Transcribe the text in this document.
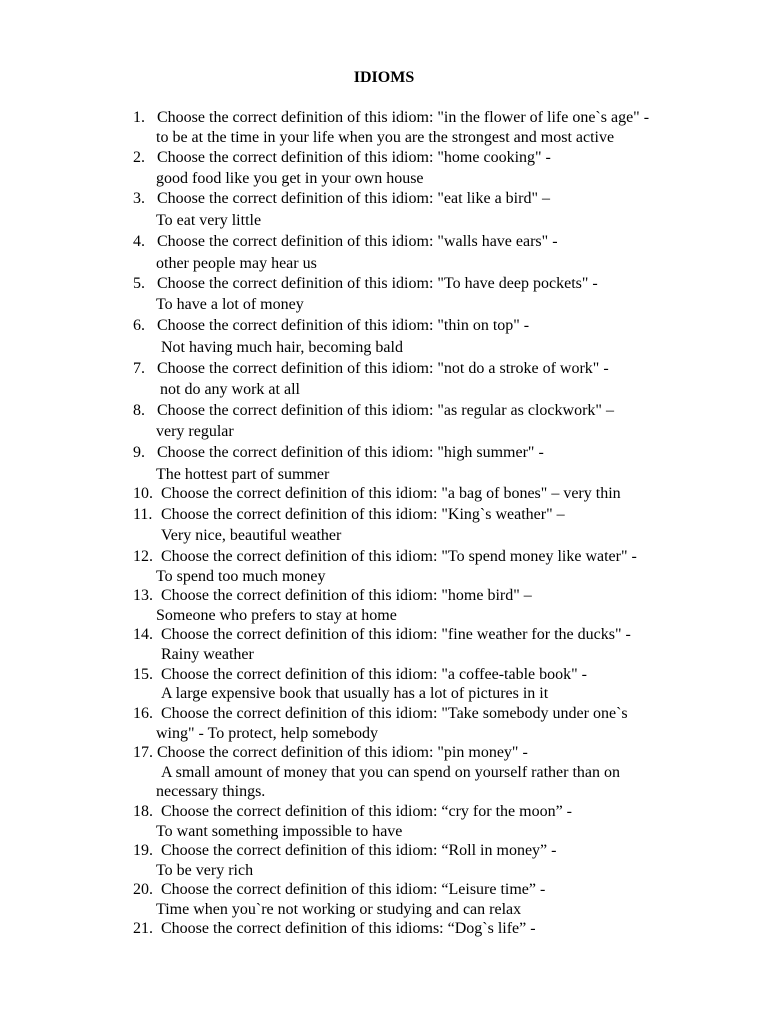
IDIOMS
1. Choose the correct definition of this idiom: "in the flower of life one`s age" -
to be at the time in your life when you are the strongest and most active
2. Choose the correct definition of this idiom: "home cooking" -
good food like you get in your own house
3. Choose the correct definition of this idiom: "eat like a bird" –
To eat very little
4. Choose the correct definition of this idiom: "walls have ears" -
other people may hear us
5. Choose the correct definition of this idiom: "To have deep pockets" -
To have a lot of money
6. Choose the correct definition of this idiom: "thin on top" -
Not having much hair, becoming bald
7. Choose the correct definition of this idiom: "not do a stroke of work" -
not do any work at all
8. Choose the correct definition of this idiom: "as regular as clockwork" –
very regular
9. Choose the correct definition of this idiom: "high summer" -
The hottest part of summer
10. Choose the correct definition of this idiom: "a bag of bones" – very thin
11. Choose the correct definition of this idiom: "King`s weather" –
Very nice, beautiful weather
12. Choose the correct definition of this idiom: "To spend money like water" -
To spend too much money
13. Choose the correct definition of this idiom: "home bird" –
Someone who prefers to stay at home
14. Choose the correct definition of this idiom: "fine weather for the ducks" -
Rainy weather
15. Choose the correct definition of this idiom: "a coffee-table book" -
A large expensive book that usually has a lot of pictures in it
16. Choose the correct definition of this idiom: "Take somebody under one`s
wing" - To protect, help somebody
17. Choose the correct definition of this idiom: "pin money" -
A small amount of money that you can spend on yourself rather than on
necessary things.
18. Choose the correct definition of this idiom: “cry for the moon” -
To want something impossible to have
19. Choose the correct definition of this idiom: “Roll in money” -
To be very rich
20. Choose the correct definition of this idiom: “Leisure time” -
Time when you`re not working or studying and can relax
21. Choose the correct definition of this idioms: “Dog`s life” -
